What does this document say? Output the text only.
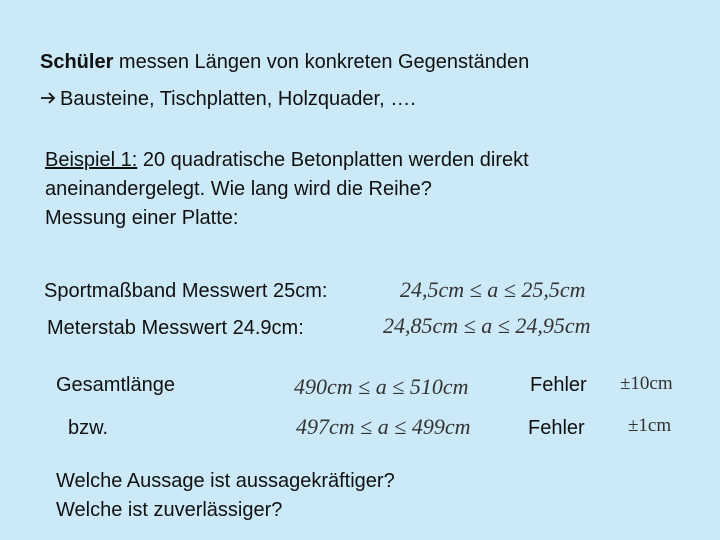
Schüler messen Längen von konkreten Gegenständen
Bausteine, Tischplatten, Holzquader, ….
Beispiel 1: 20 quadratische Betonplatten werden direkt
aneinandergelegt. Wie lang wird die Reihe?
Messung einer Platte:
Sportmaßband Messwert 25cm:	24,5cm ≤ a ≤ 25,5cm
Meterstab Messwert 24.9cm:	24,85cm ≤ a ≤ 24,95cm
Gesamtlänge	490cm ≤ a ≤ 510cm	Fehler ±10cm
bzw.	497cm ≤ a ≤ 499cm	Fehler ±1cm
Welche Aussage ist aussagekräftiger?
Welche ist zuverlässiger?
